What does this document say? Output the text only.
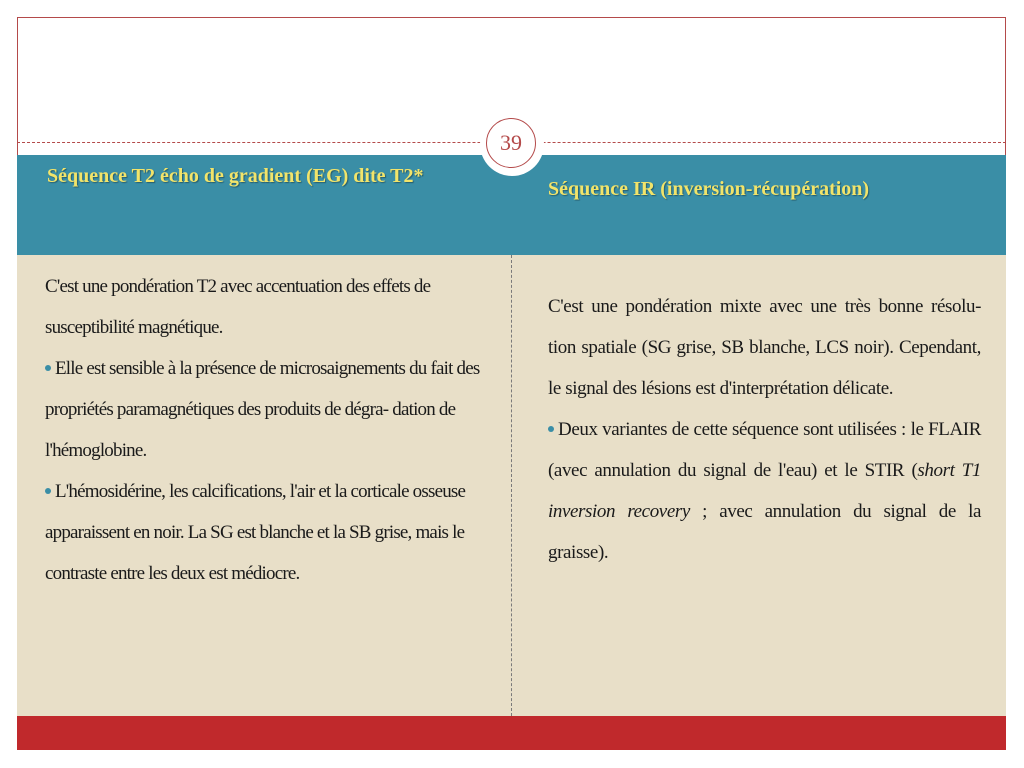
39
Séquence T2 écho de gradient (EG) dite T2*
Séquence IR (inversion-récupération)

C'est une pondération T2 avec accentuation des effets de susceptibilité magnétique.

Elle est sensible à la présence de microsaignements du fait des propriétés paramagnétiques des produits de dégra- dation de l'hémoglobine.

L'hémosidérine, les calcifications, l'air et la corticale osseuse apparaissent en noir. La SG est blanche et la SB grise, mais le contraste entre les deux est médiocre.

C'est une pondération mixte avec une très bonne résolu- tion spatiale (SG grise, SB blanche, LCS noir). Cependant, le signal des lésions est d'interprétation délicate.

Deux variantes de cette séquence sont utilisées : le FLAIR (avec annulation du signal de l'eau) et le STIR (short T1 inversion recovery ; avec annulation du signal de la graisse).
